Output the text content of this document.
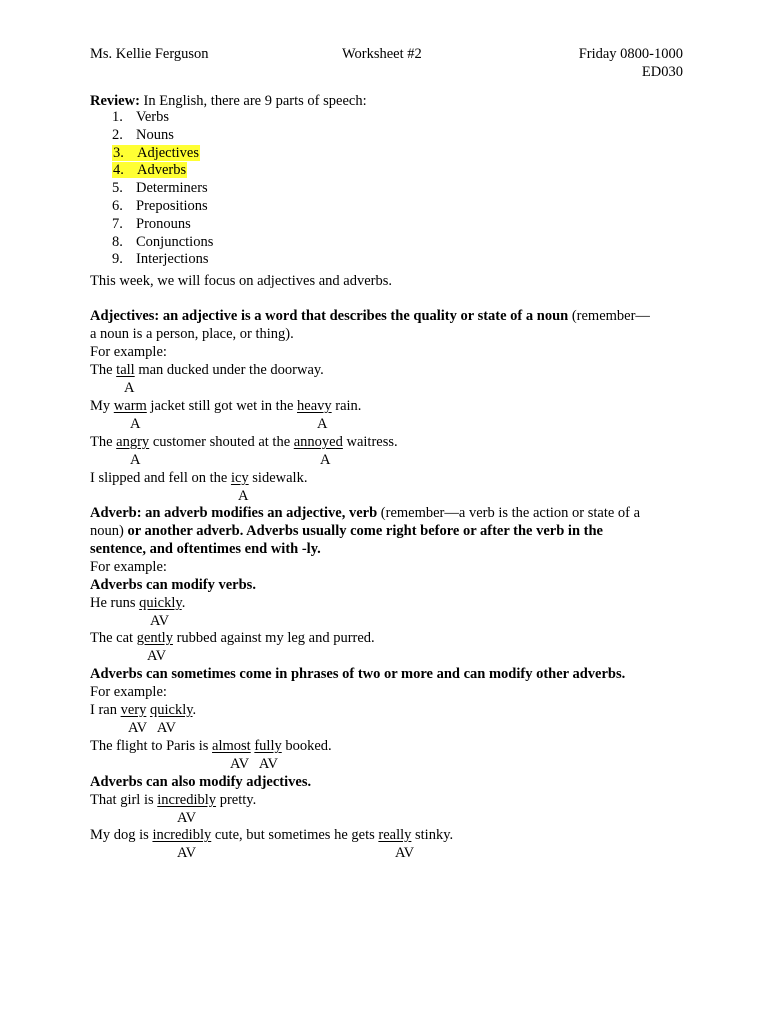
Ms. Kellie Ferguson	Worksheet #2	Friday 0800-1000
ED030
Review: In English, there are 9 parts of speech:
1. Verbs
2. Nouns
3. Adjectives
4. Adverbs
5. Determiners
6. Prepositions
7. Pronouns
8. Conjunctions
9. Interjections
This week, we will focus on adjectives and adverbs.
Adjectives: an adjective is a word that describes the quality or state of a noun (remember—
a noun is a person, place, or thing).
For example:
The tall man ducked under the doorway.
A
My warm jacket still got wet in the heavy rain.
A	A
The angry customer shouted at the annoyed waitress.
A	A
I slipped and fell on the icy sidewalk.
A
Adverb: an adverb modifies an adjective, verb (remember—a verb is the action or state of a
noun) or another adverb. Adverbs usually come right before or after the verb in the
sentence, and oftentimes end with -ly.
For example:
Adverbs can modify verbs.
He runs quickly.
AV
The cat gently rubbed against my leg and purred.
AV
Adverbs can sometimes come in phrases of two or more and can modify other adverbs.
For example:
I ran very quickly.
AV   AV
The flight to Paris is almost fully booked.
AV   AV
Adverbs can also modify adjectives.
That girl is incredibly pretty.
AV
My dog is incredibly cute, but sometimes he gets really stinky.
AV	AV
